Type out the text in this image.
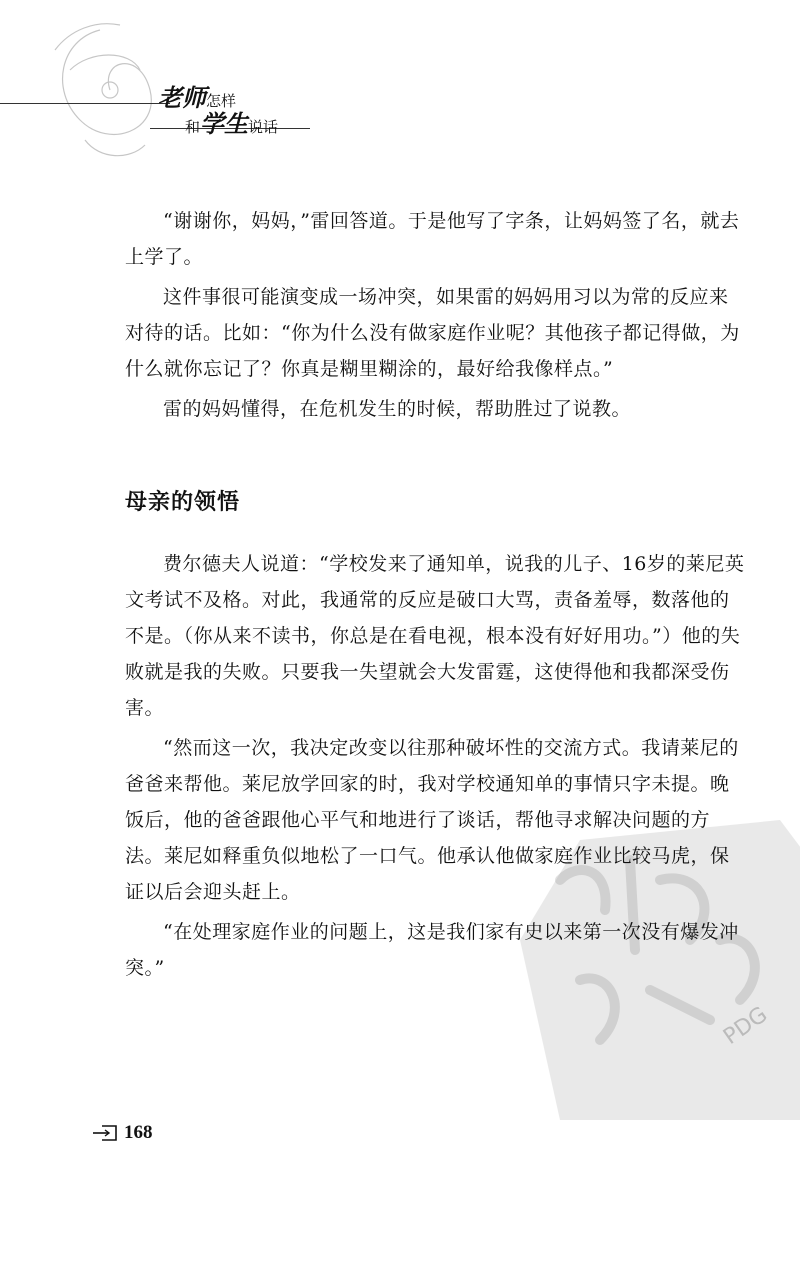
老师怎样
和学生说话
PDG

“谢谢你，妈妈，”雷回答道。于是他写了字条，让妈妈签了名，就去上学了。

这件事很可能演变成一场冲突，如果雷的妈妈用习以为常的反应来对待的话。比如：“你为什么没有做家庭作业呢？其他孩子都记得做，为什么就你忘记了？你真是糊里糊涂的，最好给我像样点。”

雷的妈妈懂得，在危机发生的时候，帮助胜过了说教。

母亲的领悟

费尔德夫人说道：“学校发来了通知单，说我的儿子、16岁的莱尼英文考试不及格。对此，我通常的反应是破口大骂，责备羞辱，数落他的不是。（你从来不读书，你总是在看电视，根本没有好好用功。”）他的失败就是我的失败。只要我一失望就会大发雷霆，这使得他和我都深受伤害。

“然而这一次，我决定改变以往那种破坏性的交流方式。我请莱尼的爸爸来帮他。莱尼放学回家的时，我对学校通知单的事情只字未提。晚饭后，他的爸爸跟他心平气和地进行了谈话，帮他寻求解决问题的方法。莱尼如释重负似地松了一口气。他承认他做家庭作业比较马虎，保证以后会迎头赶上。

“在处理家庭作业的问题上，这是我们家有史以来第一次没有爆发冲突。”

168
